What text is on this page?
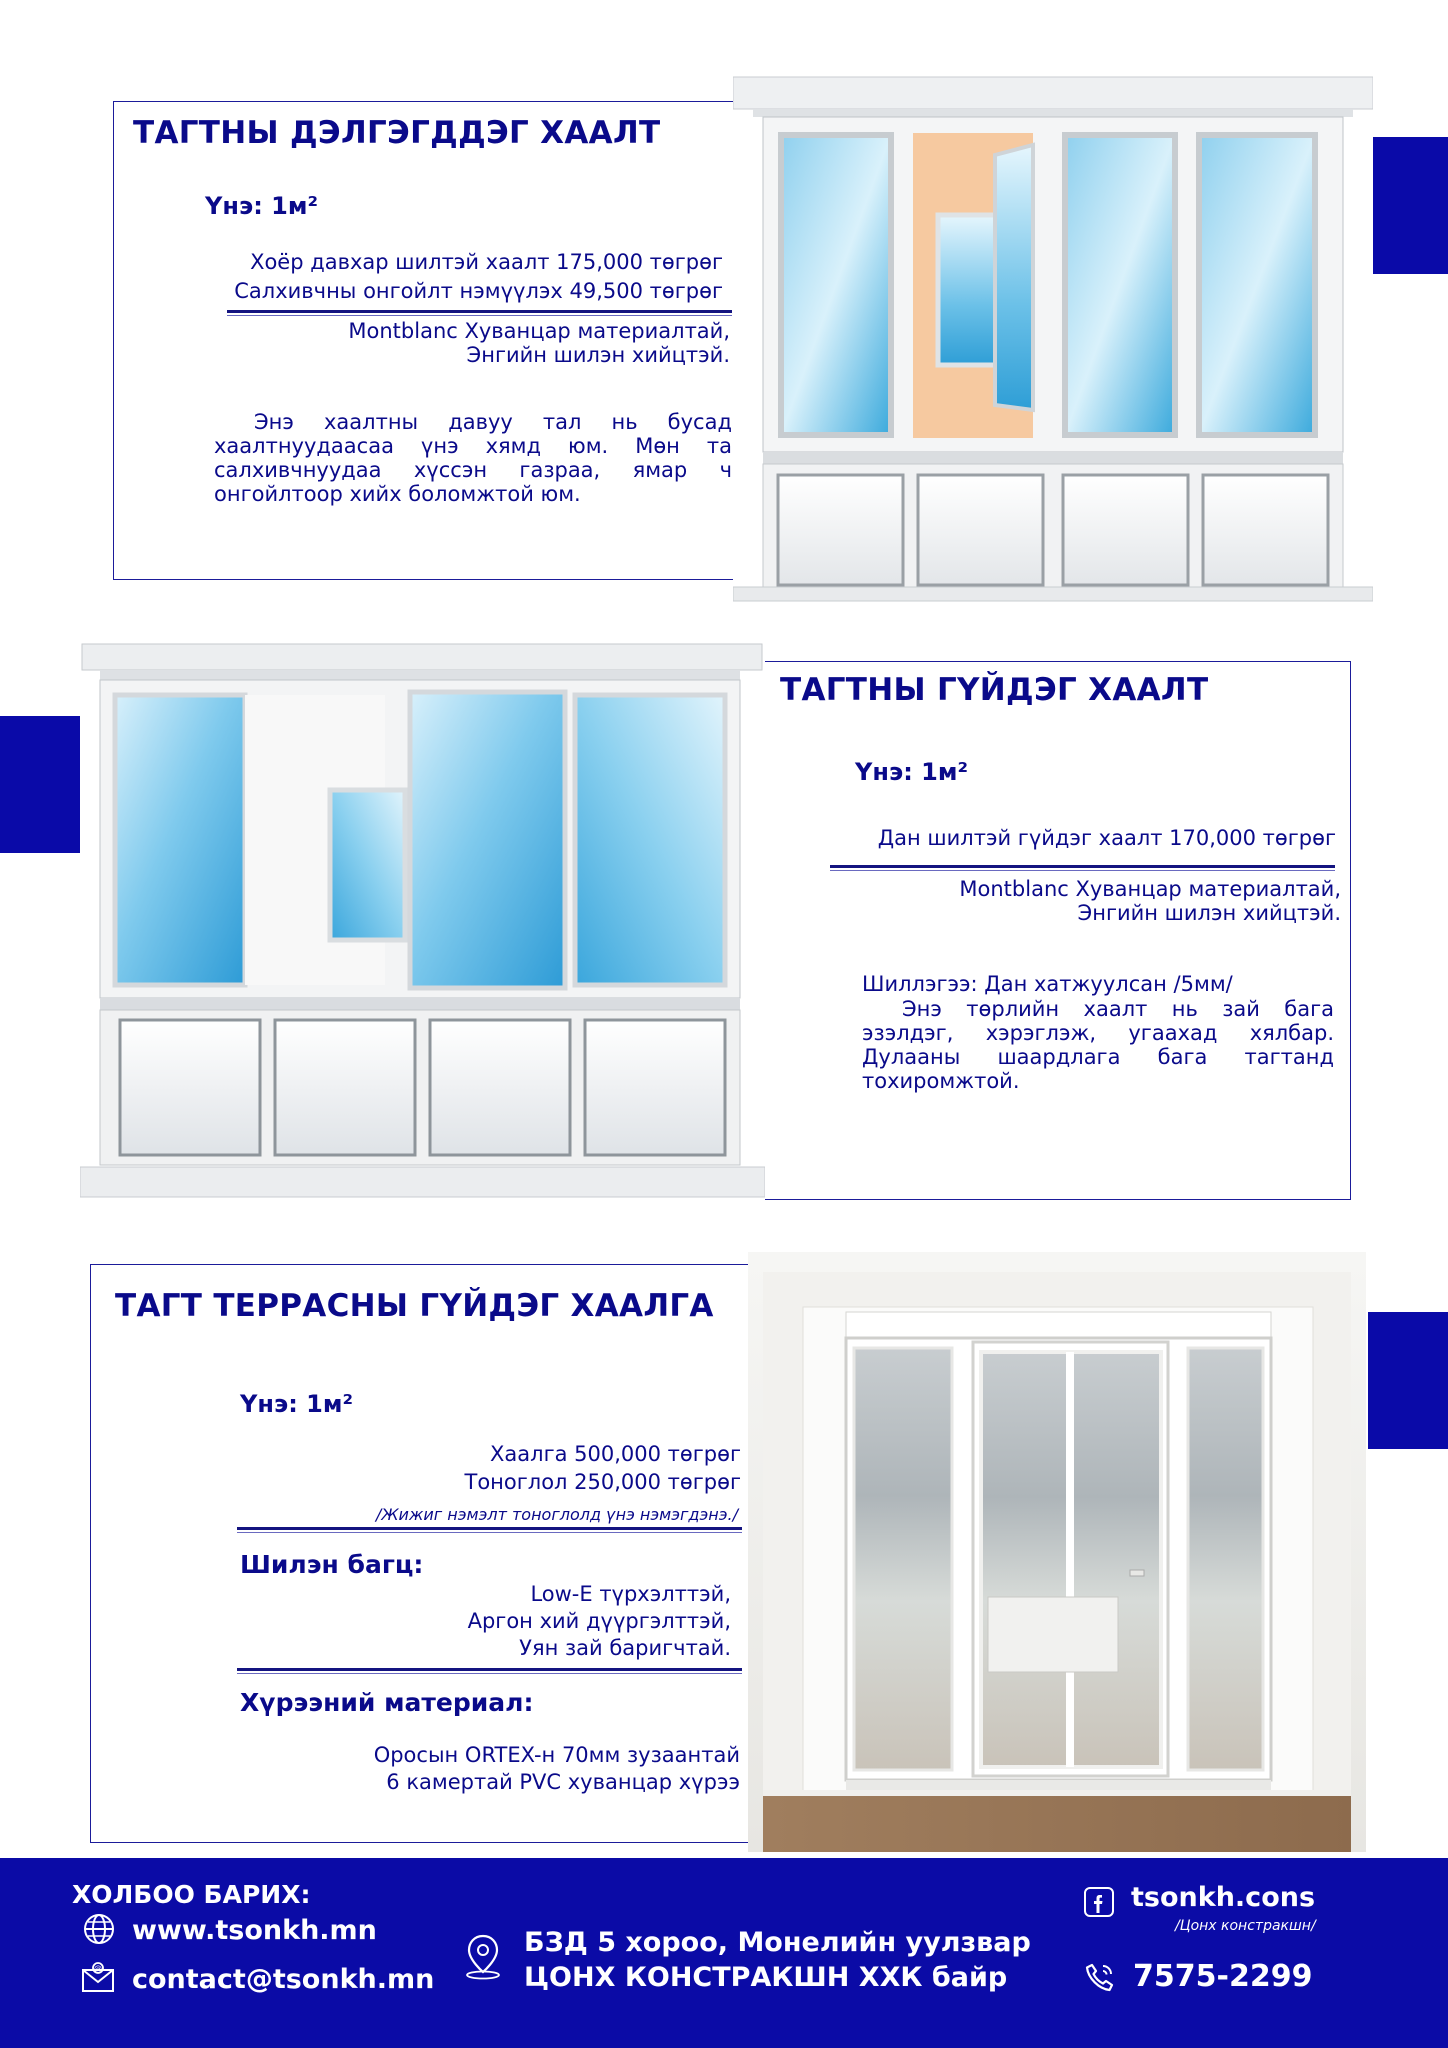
ТАГТНЫ ДЭЛГЭГДДЭГ ХААЛТ
Үнэ: 1м²
Хоёр давхар шилтэй хаалт 175,000 төгрөг
Салхивчны онгойлт нэмүүлэх 49,500 төгрөг
Montblanc Хуванцар материалтай,
Энгийн шилэн хийцтэй.
Энэ хаалтны давуу тал нь бусад хаалтнуудаасаа үнэ хямд юм. Мөн та салхивчнуудаа хүссэн газраа, ямар ч онгойлтоор хийх боломжтой юм.
ТАГТНЫ ГҮЙДЭГ ХААЛТ
Үнэ: 1м²
Дан шилтэй гүйдэг хаалт 170,000 төгрөг
Montblanc Хуванцар материалтай,
Энгийн шилэн хийцтэй.
Шиллэгээ: Дан хатжуулсан /5мм/
Энэ төрлийн хаалт нь зай бага эзэлдэг, хэрэглэж, угаахад хялбар. Дулааны шаардлага бага тагтанд тохиромжтой.
ТАГТ ТЕРРАСНЫ ГҮЙДЭГ ХААЛГА
Үнэ: 1м²
Хаалга 500,000 төгрөг
Тоноглол 250,000 төгрөг
/Жижиг нэмэлт тоноглолд үнэ нэмэгдэнэ./
Шилэн багц:
Low-E түрхэлттэй,
Аргон хий дүүргэлттэй,
Уян зай баригчтай.
Хүрээний материал:
Оросын ORTEX-н 70мм зузаантай
6 камертай PVC хуванцар хүрээ
ХОЛБОО БАРИХ:
www.tsonkh.mn
@ contact@tsonkh.mn
БЗД 5 хороо, Монелийн уулзвар
ЦОНХ КОНСТРАКШН ХХК байр
tsonkh.cons
/Цонх констракшн/
7575-2299
